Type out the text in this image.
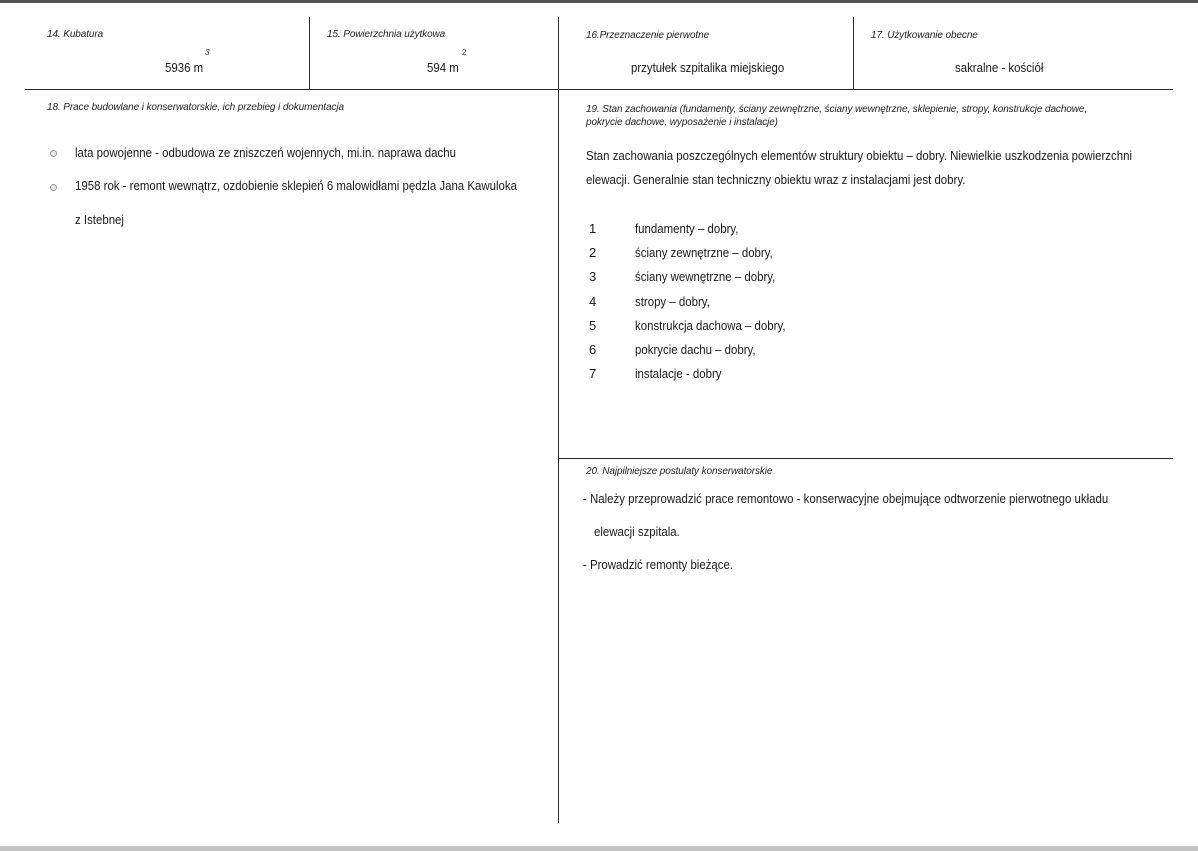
14. Kubatura
3
5936 m
15. Powierzchnia użytkowa
2
594 m
16.Przeznaczenie pierwotne
przytułek szpitalika miejskiego
17. Użytkowanie obecne
sakralne - kościół
18. Prace budowlane i konserwatorskie, ich przebieg i dokumentacja
lata powojenne - odbudowa ze zniszczeń wojennych, mi.in. naprawa dachu
1958 rok - remont wewnątrz, ozdobienie sklepień 6 malowidłami pędzla Jana Kawuloka
z Istebnej
19. Stan zachowania (fundamenty, ściany zewnętrzne, ściany wewnętrzne, sklepienie, stropy, konstrukcje dachowe,
pokrycie dachowe, wyposażenie i instalacje)
Stan zachowania poszczególnych elementów struktury obiektu – dobry. Niewielkie uszkodzenia powierzchni
elewacji. Generalnie stan techniczny obiektu wraz z instalacjami jest dobry.
1	fundamenty – dobry,
2	ściany zewnętrzne – dobry,
3	ściany wewnętrzne – dobry,
4	stropy – dobry,
5	konstrukcja dachowa – dobry,
6	pokrycie dachu – dobry,
7	instalacje - dobry
20. Najpilniejsze postulaty konserwatorskie
- Należy przeprowadzić prace remontowo - konserwacyjne obejmujące odtworzenie pierwotnego układu
elewacji szpitala.
- Prowadzić remonty bieżące.
